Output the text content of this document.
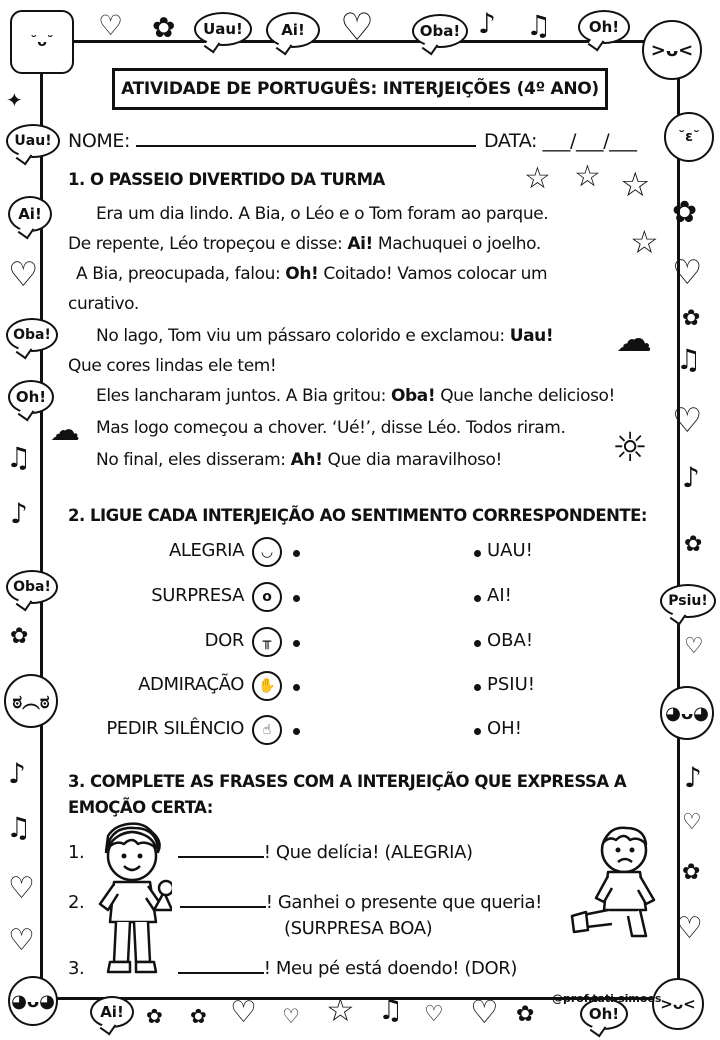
˘ᴗ˘	♡ ✿ Uau!	Ai! ♡	Oba! ♪ ♫	Oh!
>ᴗ<
✦
Uau!
Ai!
♡
Oba!
Oh!
♫
♪
Oba!
✿
ಠ︵ಠ
♪
♫
♡
♡
˘ε˘
✿
♡
✿
♫
♡
♪
✿
Psiu!
♡
◕ᴗ◕
♪
♡
✿
♡
◕ᴗ◕
Ai! ✿ ✿ ♡ ♡ ☆ ♫ ♡ ♡ ✿	Oh!
>ᴗ<
ATIVIDADE DE PORTUGUÊS: INTERJEIÇÕES (4º ANO)
NOME:	DATA: ___/___/___
1. O PASSEIO DIVERTIDO DA TURMA
Era um dia lindo. A Bia, o Léo e o Tom foram ao parque.
De repente, Léo tropeçou e disse: Ai! Machuquei o joelho.
A Bia, preocupada, falou: Oh! Coitado! Vamos colocar um
curativo.
No lago, Tom viu um pássaro colorido e exclamou: Uau!
Que cores lindas ele tem!
Eles lancharam juntos. A Bia gritou: Oba! Que lanche delicioso!
Mas logo começou a chover. ‘Ué!’, disse Léo. Todos riram.
No final, eles disseram: Ah! Que dia maravilhoso!
☆ ☆ ☆
☆
☁
☁	☼
2. LIGUE CADA INTERJEIÇÃO AO SENTIMENTO CORRESPONDENTE:
ALEGRIA	◡
SURPRESA	o
DOR	╥
ADMIRAÇÃO	✋
PEDIR SILÊNCIO	☝
UAU!
AI!
OBA!
PSIU!
OH!
3. COMPLETE AS FRASES COM A INTERJEIÇÃO QUE EXPRESSA A
EMOÇÃO CERTA:
1.	! Que delícia! (ALEGRIA)
2.	! Ganhei o presente que queria!
(SURPRESA BOA)
3.	! Meu pé está doendo! (DOR)
@prof.tati.simoes
